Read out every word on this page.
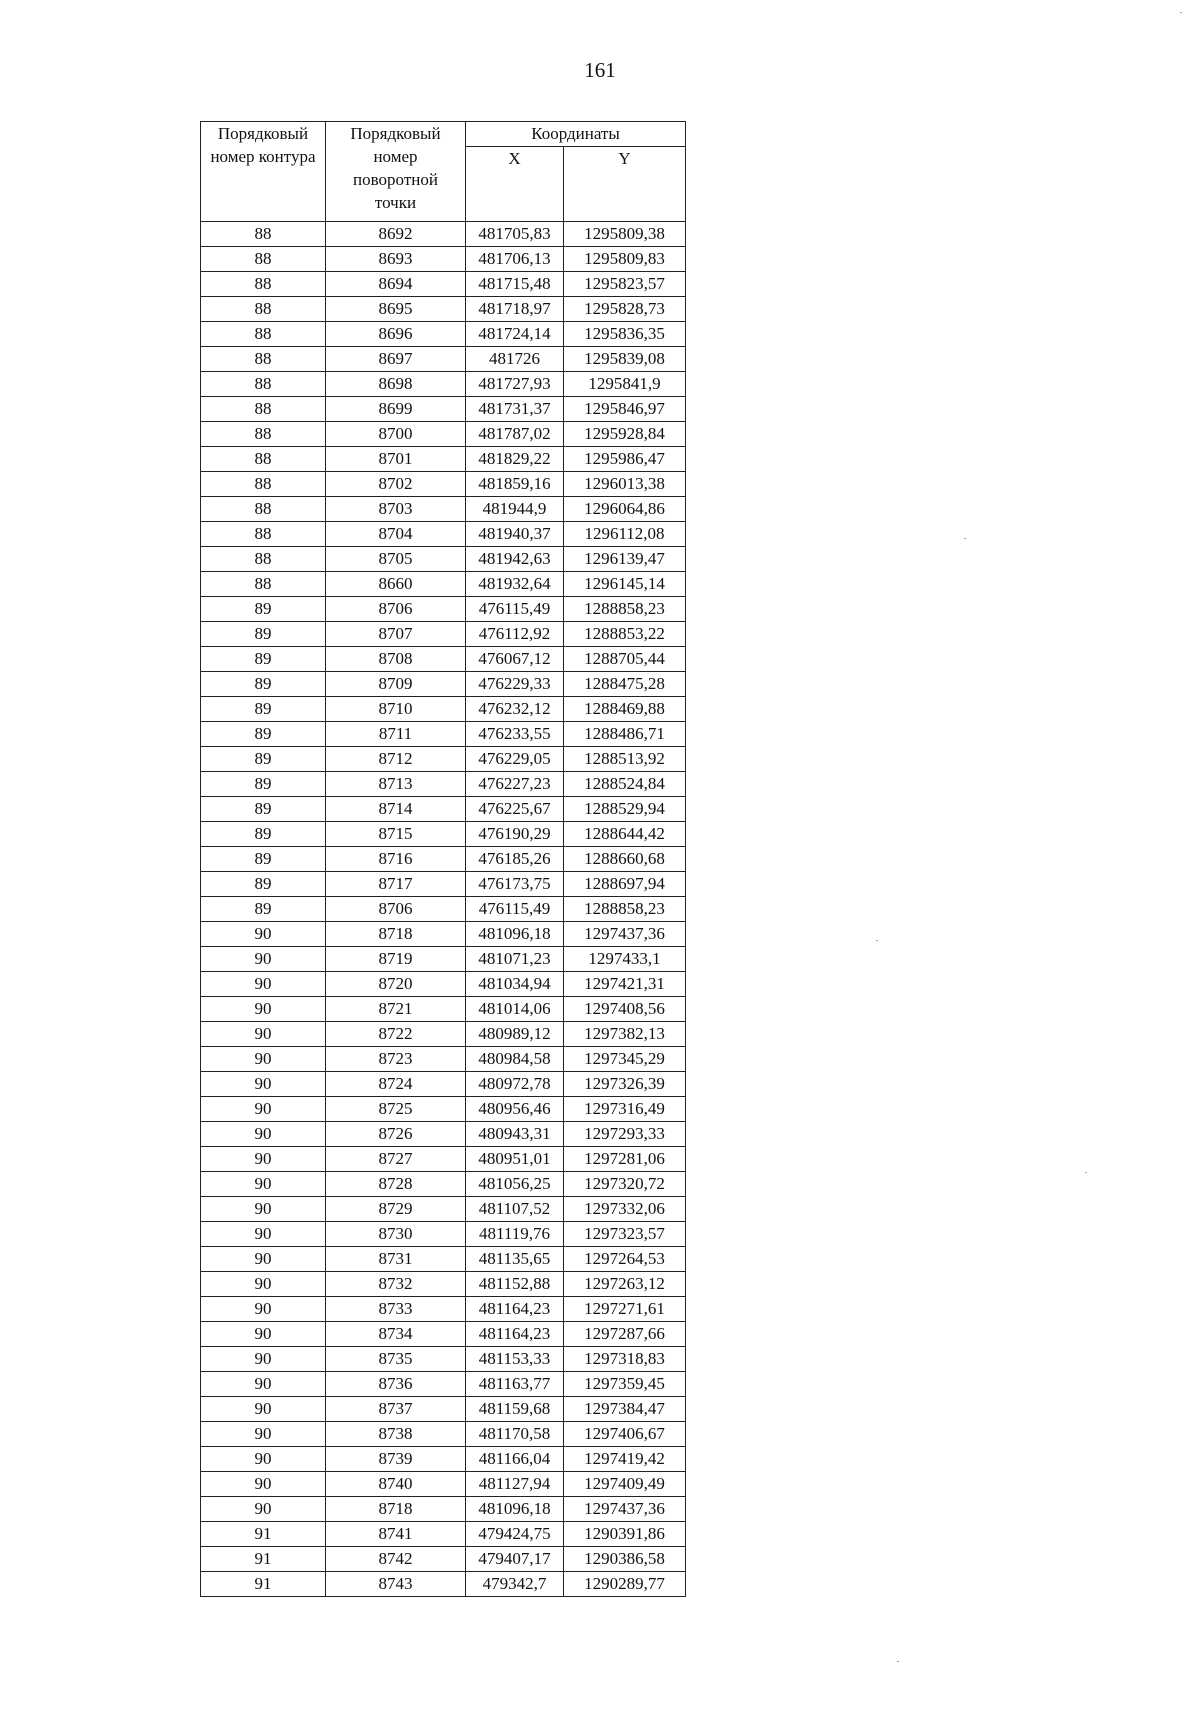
161
Порядковый
номер контура	Порядковый
номер
поворотной
точки	Координаты	
		X	Y
88	8692	481705,83	1295809,38
88	8693	481706,13	1295809,83
88	8694	481715,48	1295823,57
88	8695	481718,97	1295828,73
88	8696	481724,14	1295836,35
88	8697	481726	1295839,08
88	8698	481727,93	1295841,9
88	8699	481731,37	1295846,97
88	8700	481787,02	1295928,84
88	8701	481829,22	1295986,47
88	8702	481859,16	1296013,38
88	8703	481944,9	1296064,86
88	8704	481940,37	1296112,08
88	8705	481942,63	1296139,47
88	8660	481932,64	1296145,14
89	8706	476115,49	1288858,23
89	8707	476112,92	1288853,22
89	8708	476067,12	1288705,44
89	8709	476229,33	1288475,28
89	8710	476232,12	1288469,88
89	8711	476233,55	1288486,71
89	8712	476229,05	1288513,92
89	8713	476227,23	1288524,84
89	8714	476225,67	1288529,94
89	8715	476190,29	1288644,42
89	8716	476185,26	1288660,68
89	8717	476173,75	1288697,94
89	8706	476115,49	1288858,23
90	8718	481096,18	1297437,36
90	8719	481071,23	1297433,1
90	8720	481034,94	1297421,31
90	8721	481014,06	1297408,56
90	8722	480989,12	1297382,13
90	8723	480984,58	1297345,29
90	8724	480972,78	1297326,39
90	8725	480956,46	1297316,49
90	8726	480943,31	1297293,33
90	8727	480951,01	1297281,06
90	8728	481056,25	1297320,72
90	8729	481107,52	1297332,06
90	8730	481119,76	1297323,57
90	8731	481135,65	1297264,53
90	8732	481152,88	1297263,12
90	8733	481164,23	1297271,61
90	8734	481164,23	1297287,66
90	8735	481153,33	1297318,83
90	8736	481163,77	1297359,45
90	8737	481159,68	1297384,47
90	8738	481170,58	1297406,67
90	8739	481166,04	1297419,42
90	8740	481127,94	1297409,49
90	8718	481096,18	1297437,36
91	8741	479424,75	1290391,86
91	8742	479407,17	1290386,58
91	8743	479342,7	1290289,77
